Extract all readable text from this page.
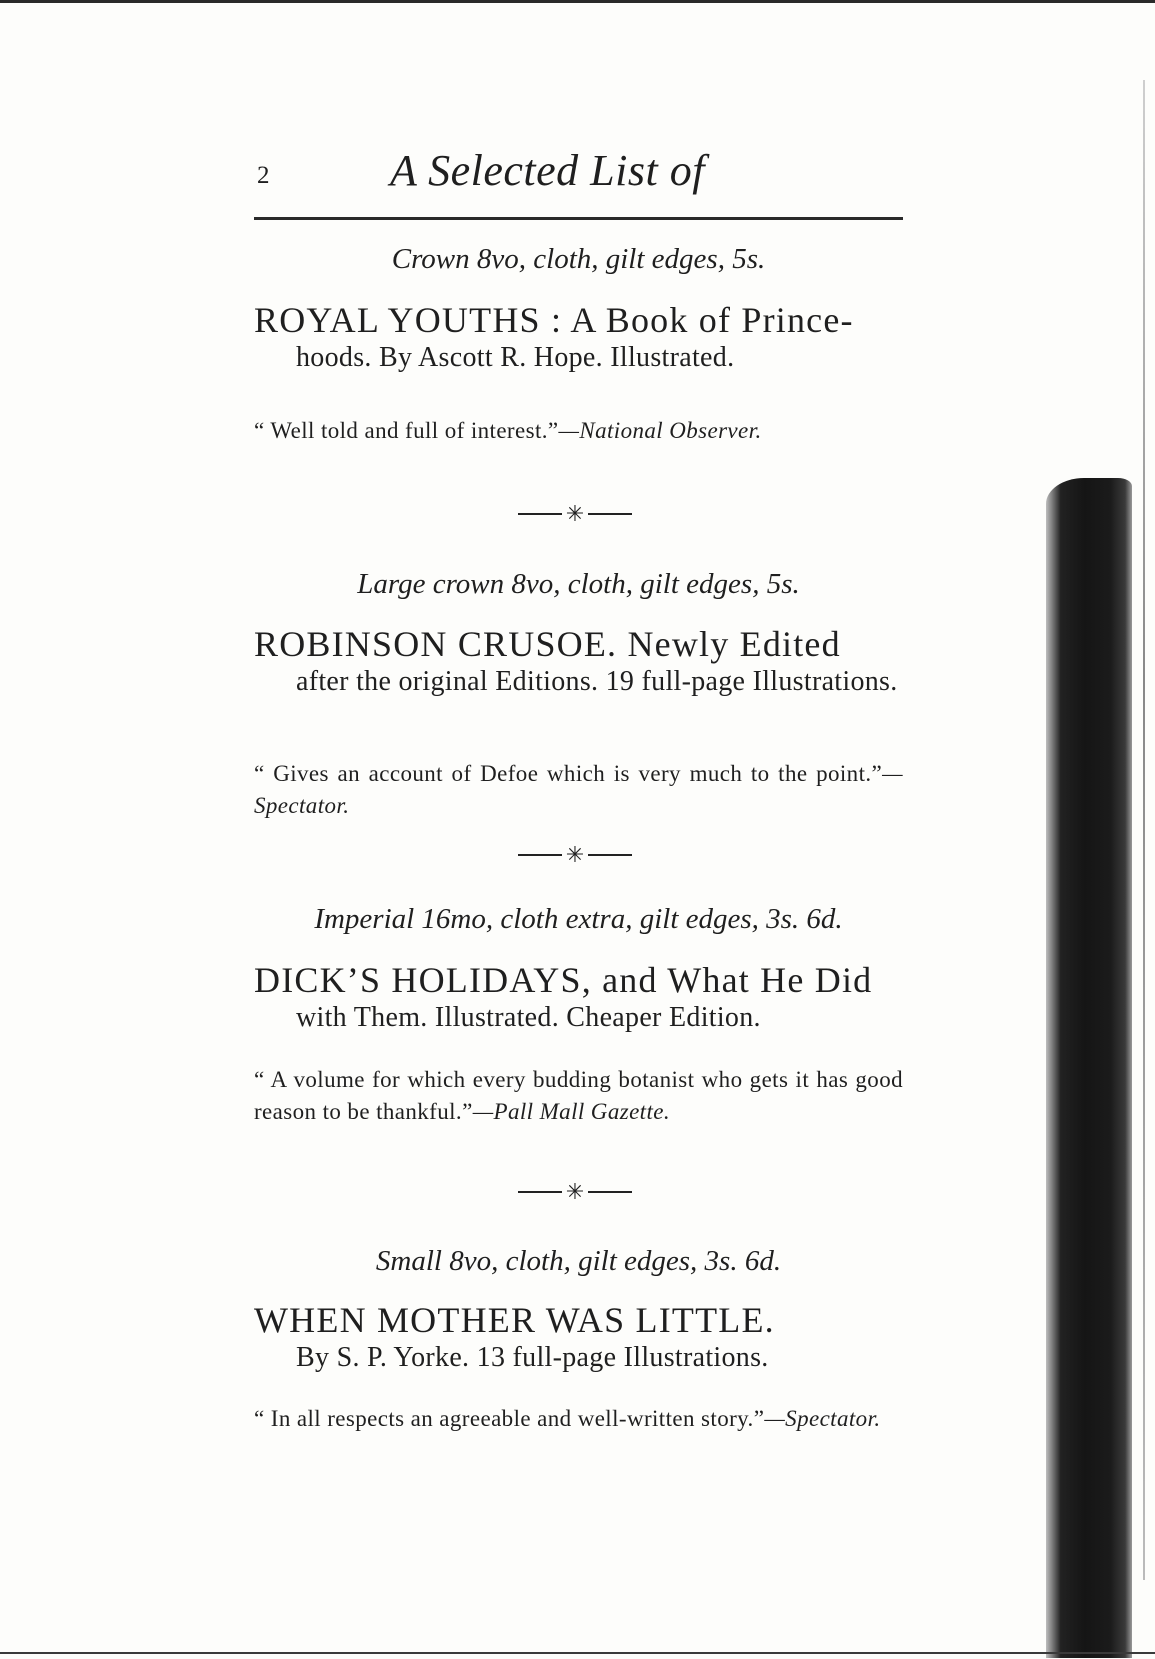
2	A Selected List of
Crown 8vo, cloth, gilt edges, 5s.
ROYAL YOUTHS : A Book of Prince-
hoods. By Ascott R. Hope. Illustrated.
“ Well told and full of interest.”—National Observer.
✳
Large crown 8vo, cloth, gilt edges, 5s.
ROBINSON CRUSOE. Newly Edited
after the original Editions. 19 full-page Illustrations.
“ Gives an account of Defoe which is very much to the point.”—Spectator.
✳
Imperial 16mo, cloth extra, gilt edges, 3s. 6d.
DICK’S HOLIDAYS, and What He Did
with Them. Illustrated. Cheaper Edition.
“ A volume for which every budding botanist who gets it has good reason to be thankful.”—Pall Mall Gazette.
✳
Small 8vo, cloth, gilt edges, 3s. 6d.
WHEN MOTHER WAS LITTLE.
By S. P. Yorke. 13 full-page Illustrations.
“ In all respects an agreeable and well-written story.”—Spectator.
